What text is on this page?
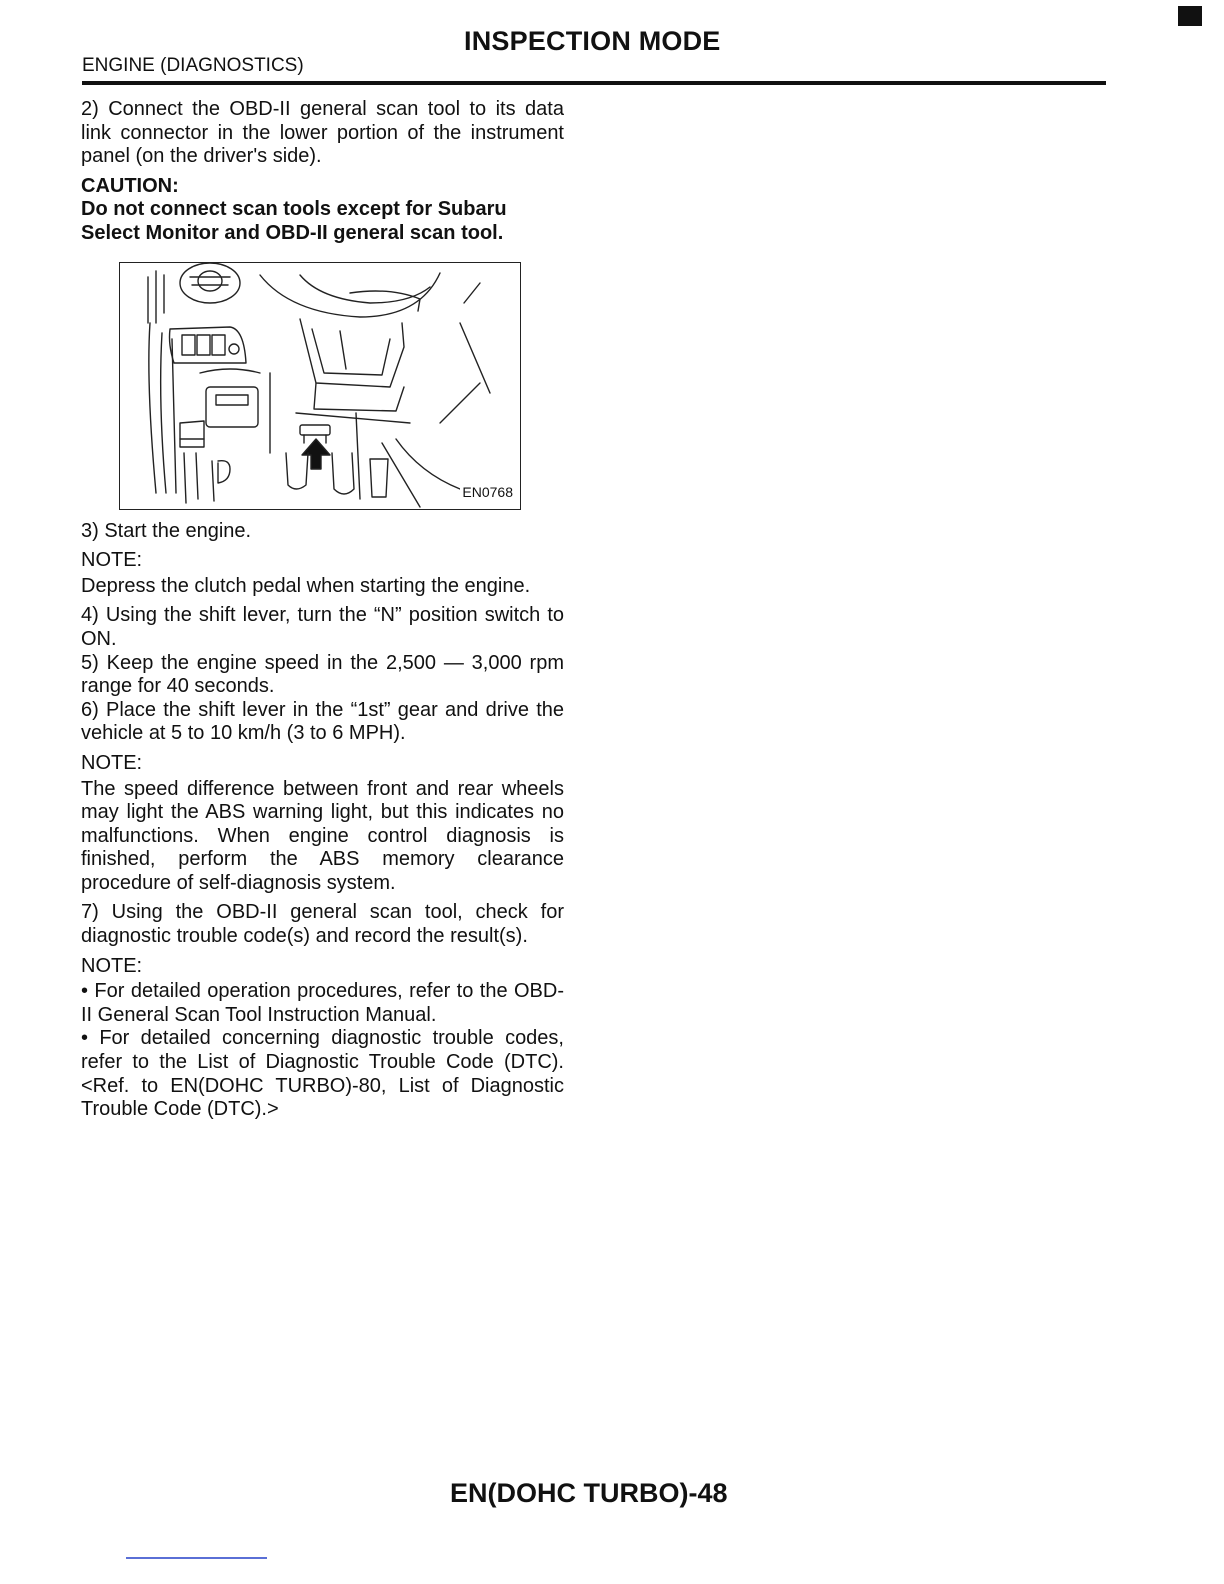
INSPECTION MODE
ENGINE (DIAGNOSTICS)

2) Connect the OBD-II general scan tool to its data link connector in the lower portion of the instrument panel (on the driver's side).

CAUTION:

Do not connect scan tools except for Subaru Select Monitor and OBD-II general scan tool.

EN0768

3) Start the engine.

NOTE:

Depress the clutch pedal when starting the engine.

4) Using the shift lever, turn the “N” position switch to ON.

5) Keep the engine speed in the 2,500 — 3,000 rpm range for 40 seconds.

6) Place the shift lever in the “1st” gear and drive the vehicle at 5 to 10 km/h (3 to 6 MPH).

NOTE:

The speed difference between front and rear wheels may light the ABS warning light, but this indicates no malfunctions. When engine control diagnosis is finished, perform the ABS memory clearance procedure of self-diagnosis system.

7) Using the OBD-II general scan tool, check for diagnostic trouble code(s) and record the result(s).

NOTE:

• For detailed operation procedures, refer to the OBD-II General Scan Tool Instruction Manual.

• For detailed concerning diagnostic trouble codes, refer to the List of Diagnostic Trouble Code (DTC). <Ref. to EN(DOHC TURBO)-80, List of Diagnostic Trouble Code (DTC).>

EN(DOHC TURBO)-48
